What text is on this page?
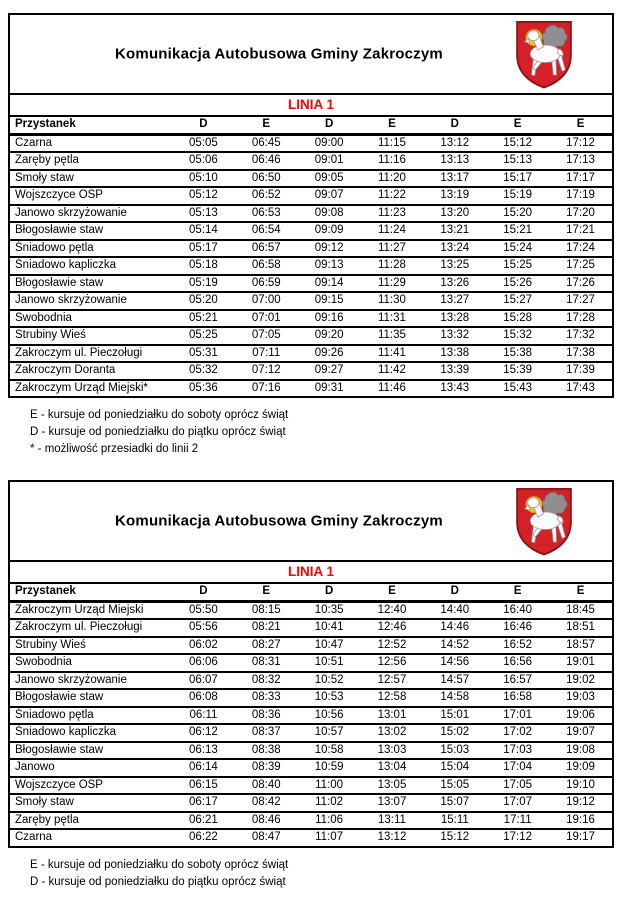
Komunikacja Autobusowa Gminy Zakroczym
LINIA 1
Przystanek	D	E	D	E	D	E	E
Czarna	05:05	06:45	09:00	11:15	13:12	15:12	17:12
Zaręby pętla	05:06	06:46	09:01	11:16	13:13	15:13	17:13
Smoły staw	05:10	06:50	09:05	11:20	13:17	15:17	17:17
Wojszczyce OSP	05:12	06:52	09:07	11:22	13:19	15:19	17:19
Janowo skrzyżowanie	05:13	06:53	09:08	11:23	13:20	15:20	17:20
Błogosławie staw	05:14	06:54	09:09	11:24	13:21	15:21	17:21
Śniadowo pętla	05:17	06:57	09:12	11:27	13:24	15:24	17:24
Śniadowo kapliczka	05:18	06:58	09:13	11:28	13:25	15:25	17:25
Błogosławie staw	05:19	06:59	09:14	11:29	13:26	15:26	17:26
Janowo skrzyżowanie	05:20	07:00	09:15	11:30	13:27	15:27	17:27
Swobodnia	05:21	07:01	09:16	11:31	13:28	15:28	17:28
Strubiny Wieś	05:25	07:05	09:20	11:35	13:32	15:32	17:32
Zakroczym ul. Pieczoługi	05:31	07:11	09:26	11:41	13:38	15:38	17:38
Zakroczym Doranta	05:32	07:12	09:27	11:42	13:39	15:39	17:39
Zakroczym Urząd Miejski*	05:36	07:16	09:31	11:46	13:43	15:43	17:43
E - kursuje od poniedziałku do soboty oprócz świąt
D - kursuje od poniedziałku do piątku oprócz świąt
* - możliwość przesiadki do linii 2
Komunikacja Autobusowa Gminy Zakroczym
LINIA 1
Przystanek	D	E	D	E	D	E	E
Zakroczym Urząd Miejski	05:50	08:15	10:35	12:40	14:40	16:40	18:45
Zakroczym ul. Pieczoługi	05:56	08:21	10:41	12:46	14:46	16:46	18:51
Strubiny Wieś	06:02	08:27	10:47	12:52	14:52	16:52	18:57
Swobodnia	06:06	08:31	10:51	12:56	14:56	16:56	19:01
Janowo skrzyżowanie	06:07	08:32	10:52	12:57	14:57	16:57	19:02
Błogosławie staw	06:08	08:33	10:53	12:58	14:58	16:58	19:03
Śniadowo pętla	06:11	08:36	10:56	13:01	15:01	17:01	19:06
Śniadowo kapliczka	06:12	08:37	10:57	13:02	15:02	17:02	19:07
Błogosławie staw	06:13	08:38	10:58	13:03	15:03	17:03	19:08
Janowo	06:14	08:39	10:59	13:04	15:04	17:04	19:09
Wojszczyce OSP	06:15	08:40	11:00	13:05	15:05	17:05	19:10
Smoły staw	06:17	08:42	11:02	13:07	15:07	17:07	19:12
Zaręby pętla	06:21	08:46	11:06	13:11	15:11	17:11	19:16
Czarna	06:22	08:47	11:07	13:12	15:12	17:12	19:17
E - kursuje od poniedziałku do soboty oprócz świąt
D - kursuje od poniedziałku do piątku oprócz świąt
